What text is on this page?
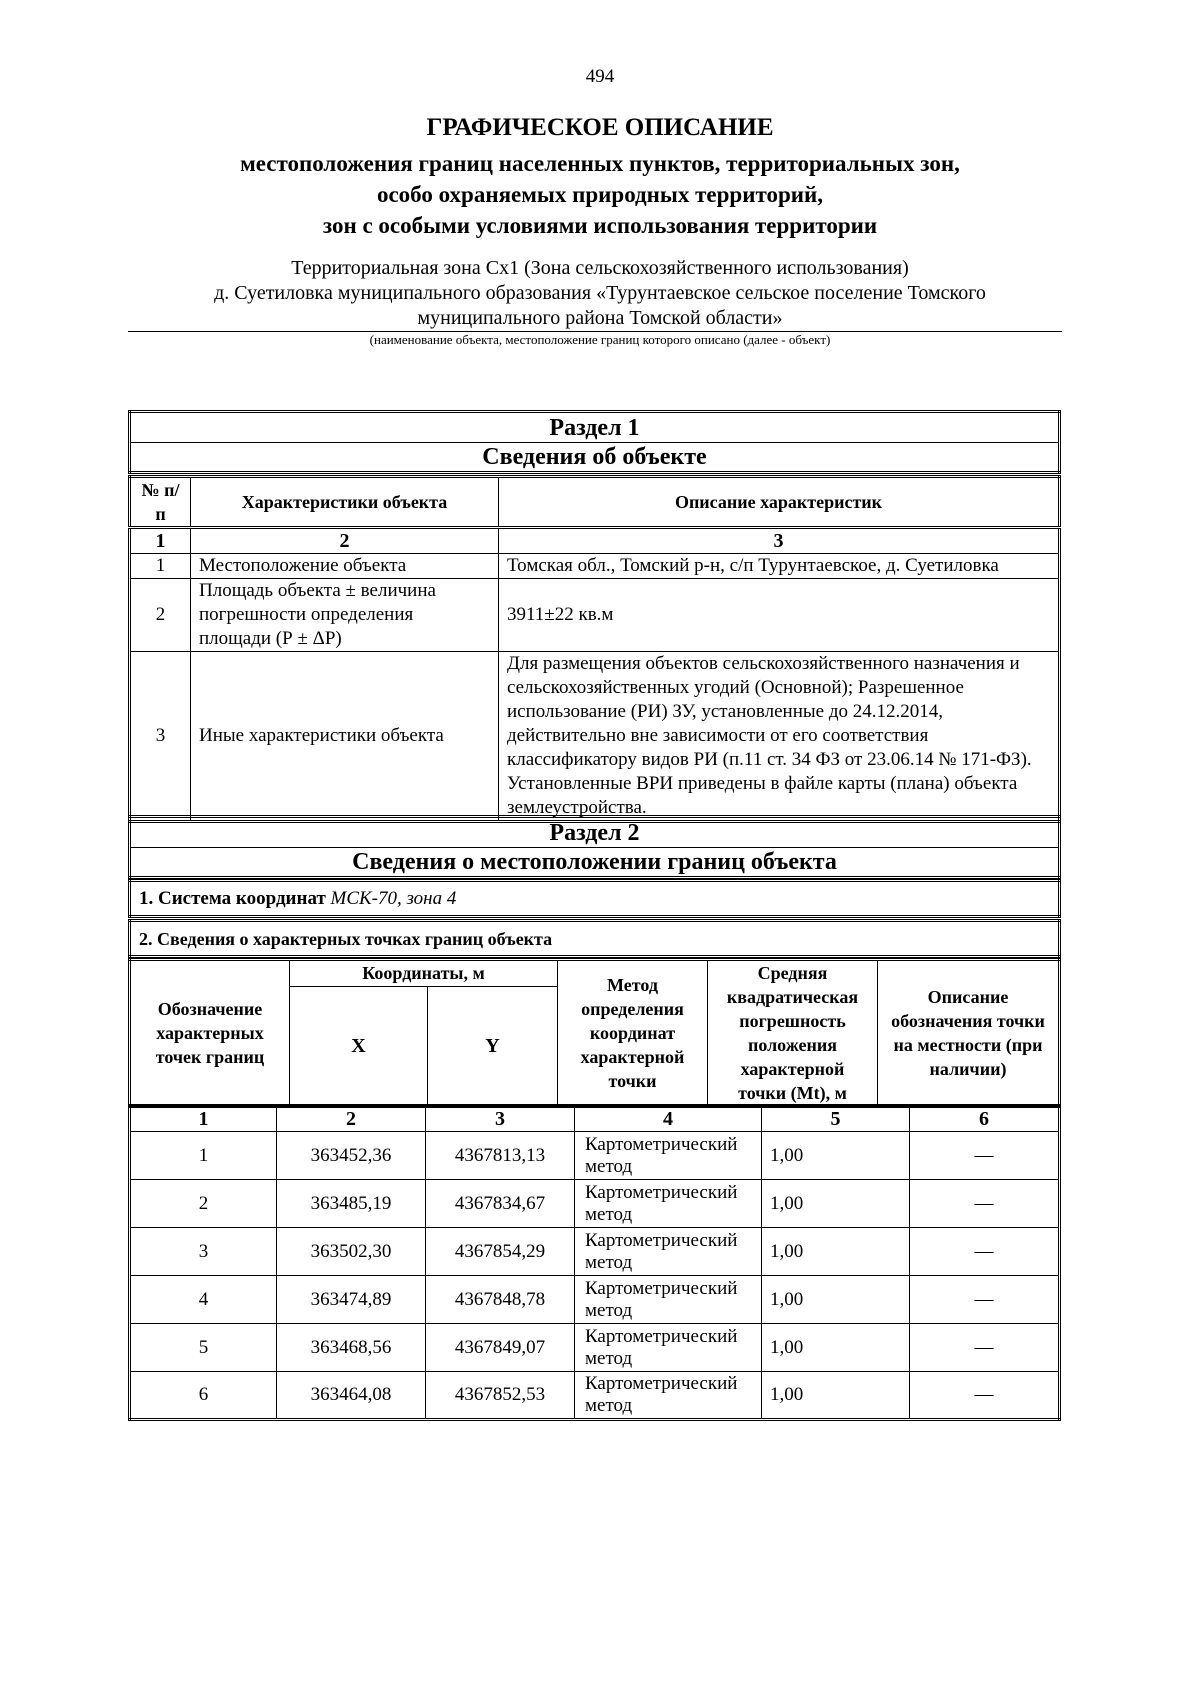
494
ГРАФИЧЕСКОЕ ОПИСАНИЕ
местоположения границ населенных пунктов, территориальных зон,
особо охраняемых природных территорий,
зон с особыми условиями использования территории
Территориальная зона Сх1 (Зона сельскохозяйственного использования)
д. Суетиловка муниципального образования «Турунтаевское сельское поселение Томского
муниципального района Томской области»
(наименование объекта, местоположение границ которого описано (далее - объект)
Раздел 1
Сведения об объекте
№ п/п	Характеристики объекта	Описание характеристик
1	2	3
1	Местоположение объекта	Томская обл., Томский р-н, с/п Турунтаевское, д. Суетиловка
2	Площадь объекта ± величина погрешности определения площади (Р ± ΔР)	3911±22 кв.м
3	Иные характеристики объекта	Для размещения объектов сельскохозяйственного назначения и сельскохозяйственных угодий (Основной); Разрешенное использование (РИ) ЗУ, установленные до 24.12.2014, действительно вне зависимости от его соответствия классификатору видов РИ (п.11 ст. 34 ФЗ от 23.06.14 № 171-ФЗ). Установленные ВРИ приведены в файле карты (плана) объекта землеустройства.
Раздел 2
Сведения о местоположении границ объекта
1. Система координат МСК-70, зона 4
2. Сведения о характерных точках границ объекта
Обозначение характерных точек границ	Координаты, м		Метод определения координат характерной точки	Средняя квадратическая погрешность положения характерной точки (Mt), м	Описание обозначения точки на местности (при наличии)
	X	Y			
1	2	3	4	5	6
1	363452,36	4367813,13	Картометрический метод	1,00	—
2	363485,19	4367834,67	Картометрический метод	1,00	—
3	363502,30	4367854,29	Картометрический метод	1,00	—
4	363474,89	4367848,78	Картометрический метод	1,00	—
5	363468,56	4367849,07	Картометрический метод	1,00	—
6	363464,08	4367852,53	Картометрический метод	1,00	—
